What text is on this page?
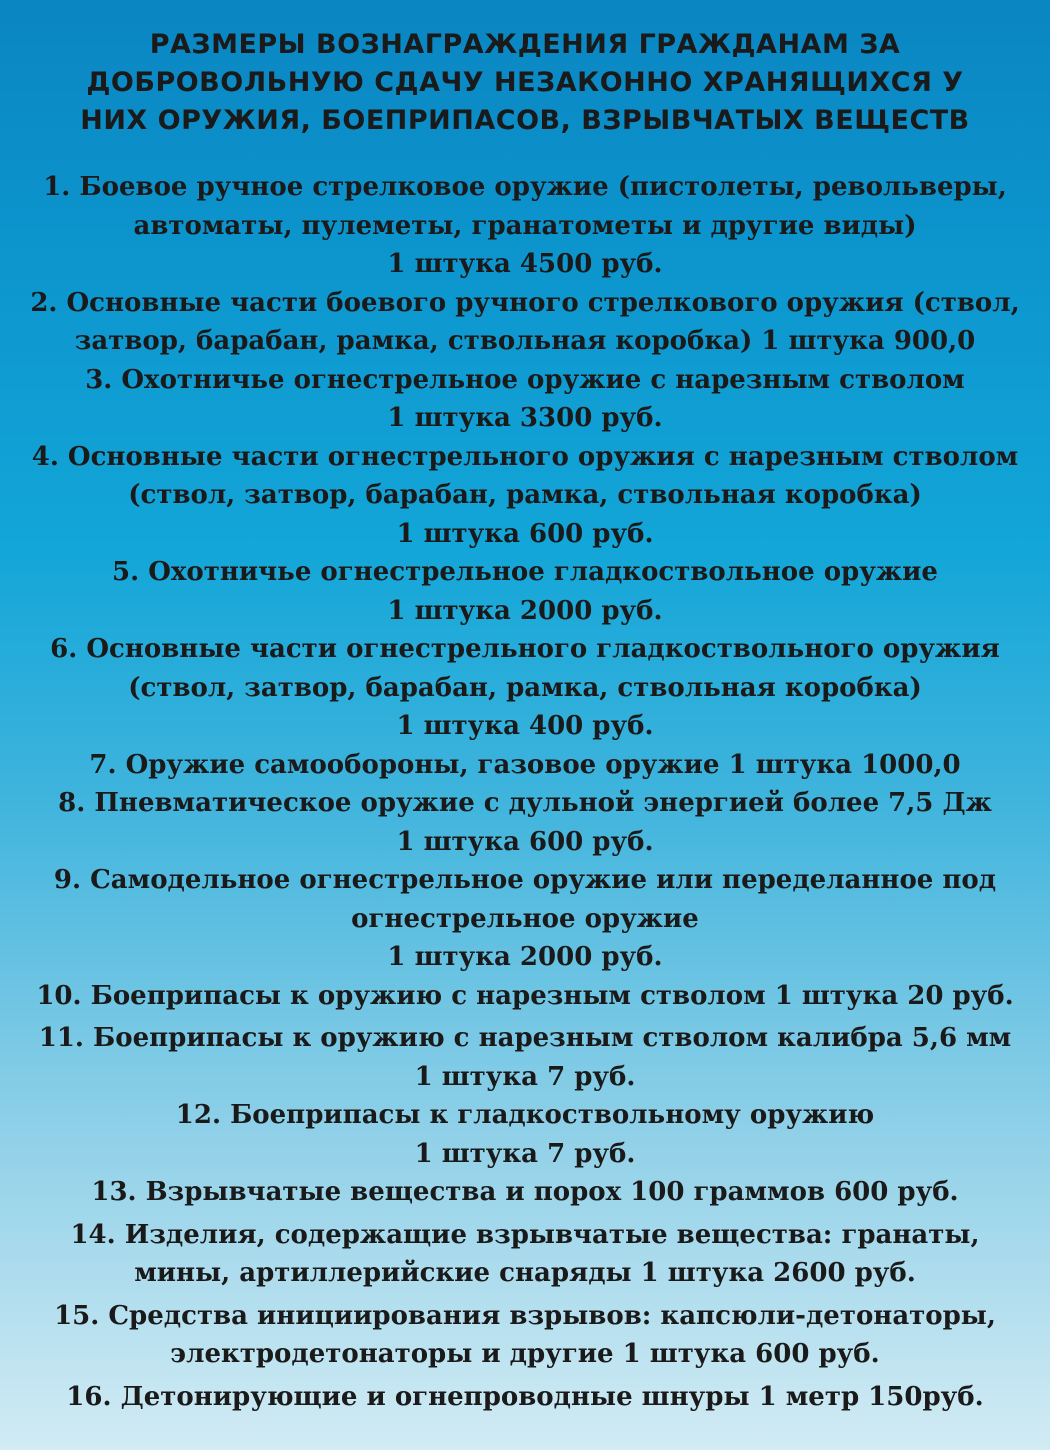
РАЗМЕРЫ ВОЗНАГРАЖДЕНИЯ ГРАЖДАНАМ ЗА
ДОБРОВОЛЬНУЮ СДАЧУ НЕЗАКОННО ХРАНЯЩИХСЯ У
НИХ ОРУЖИЯ, БОЕПРИПАСОВ, ВЗРЫВЧАТЫХ ВЕЩЕСТВ
1. Боевое ручное стрелковое оружие (пистолеты, револьверы,
автоматы, пулеметы, гранатометы и другие виды)
1 штука 4500 руб.
2. Основные части боевого ручного стрелкового оружия (ствол,
затвор, барабан, рамка, ствольная коробка) 1 штука 900,0
3. Охотничье огнестрельное оружие с нарезным стволом
1 штука 3300 руб.
4. Основные части огнестрельного оружия с нарезным стволом
(ствол, затвор, барабан, рамка, ствольная коробка)
1 штука 600 руб.
5. Охотничье огнестрельное гладкоствольное оружие
1 штука 2000 руб.
6. Основные части огнестрельного гладкоствольного оружия
(ствол, затвор, барабан, рамка, ствольная коробка)
1 штука 400 руб.
7. Оружие самообороны, газовое оружие 1 штука 1000,0
8. Пневматическое оружие с дульной энергией более 7,5 Дж
1 штука 600 руб.
9. Самодельное огнестрельное оружие или переделанное под
огнестрельное оружие
1 штука 2000 руб.
10. Боеприпасы к оружию с нарезным стволом 1 штука 20 руб.
11. Боеприпасы к оружию с нарезным стволом калибра 5,6 мм
1 штука 7 руб.
12. Боеприпасы к гладкоствольному оружию
1 штука 7 руб.
13. Взрывчатые вещества и порох 100 граммов 600 руб.
14. Изделия, содержащие взрывчатые вещества: гранаты,
мины, артиллерийские снаряды 1 штука 2600 руб.
15. Средства инициирования взрывов: капсюли-детонаторы,
электродетонаторы и другие 1 штука 600 руб.
16. Детонирующие и огнепроводные шнуры 1 метр 150руб.
